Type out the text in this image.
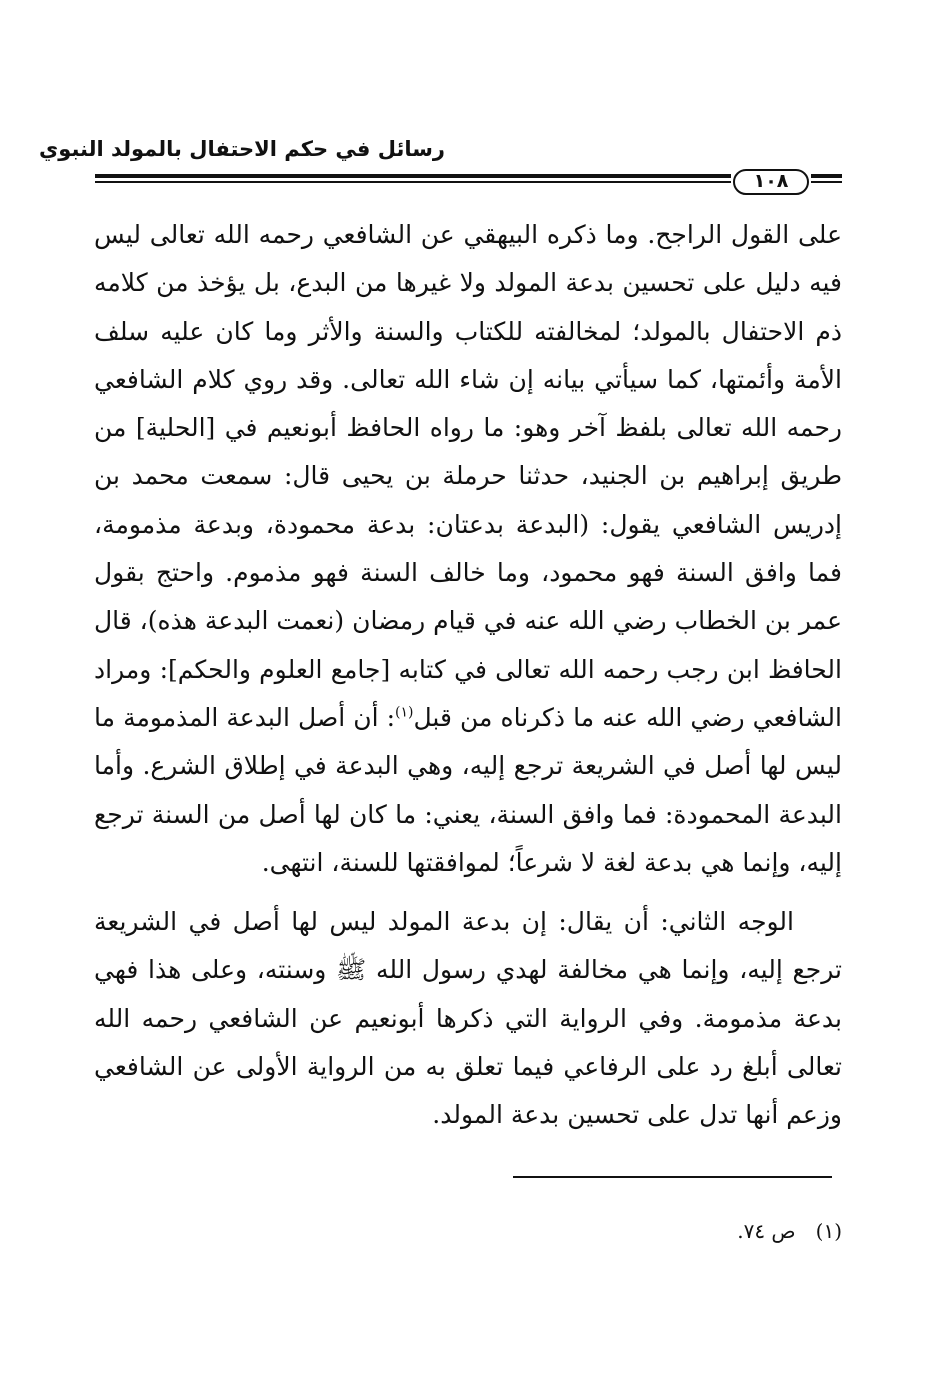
رسائل في حكم الاحتفال بالمولد النبوي
١٠٨

على القول الراجح. وما ذكره البيهقي عن الشافعي رحمه الله تعالى ليس فيه دليل على تحسين بدعة المولد ولا غيرها من البدع، بل يؤخذ من كلامه ذم الاحتفال بالمولد؛ لمخالفته للكتاب والسنة والأثر وما كان عليه سلف الأمة وأئمتها، كما سيأتي بيانه إن شاء الله تعالى. وقد روي كلام الشافعي رحمه الله تعالى بلفظ آخر وهو: ما رواه الحافظ أبونعيم في [الحلية] من طريق إبراهيم بن الجنيد، حدثنا حرملة بن يحيى قال: سمعت محمد بن إدريس الشافعي يقول: (البدعة بدعتان: بدعة محمودة، وبدعة مذمومة، فما وافق السنة فهو محمود، وما خالف السنة فهو مذموم. واحتج بقول عمر بن الخطاب رضي الله عنه في قيام رمضان (نعمت البدعة هذه)، قال الحافظ ابن رجب رحمه الله تعالى في كتابه [جامع العلوم والحكم]: ومراد الشافعي رضي الله عنه ما ذكرناه من قبل$^{(١)}$: أن أصل البدعة المذمومة ما ليس لها أصل في الشريعة ترجع إليه، وهي البدعة في إطلاق الشرع. وأما البدعة المحمودة: فما وافق السنة، يعني: ما كان لها أصل من السنة ترجع إليه، وإنما هي بدعة لغة لا شرعاً؛ لموافقتها للسنة، انتهى.

الوجه الثاني: أن يقال: إن بدعة المولد ليس لها أصل في الشريعة ترجع إليه، وإنما هي مخالفة لهدي رسول الله ﷺ وسنته، وعلى هذا فهي بدعة مذمومة. وفي الرواية التي ذكرها أبونعيم عن الشافعي رحمه الله تعالى أبلغ رد على الرفاعي فيما تعلق به من الرواية الأولى عن الشافعي وزعم أنها تدل على تحسين بدعة المولد.

(١)ص ٧٤.
